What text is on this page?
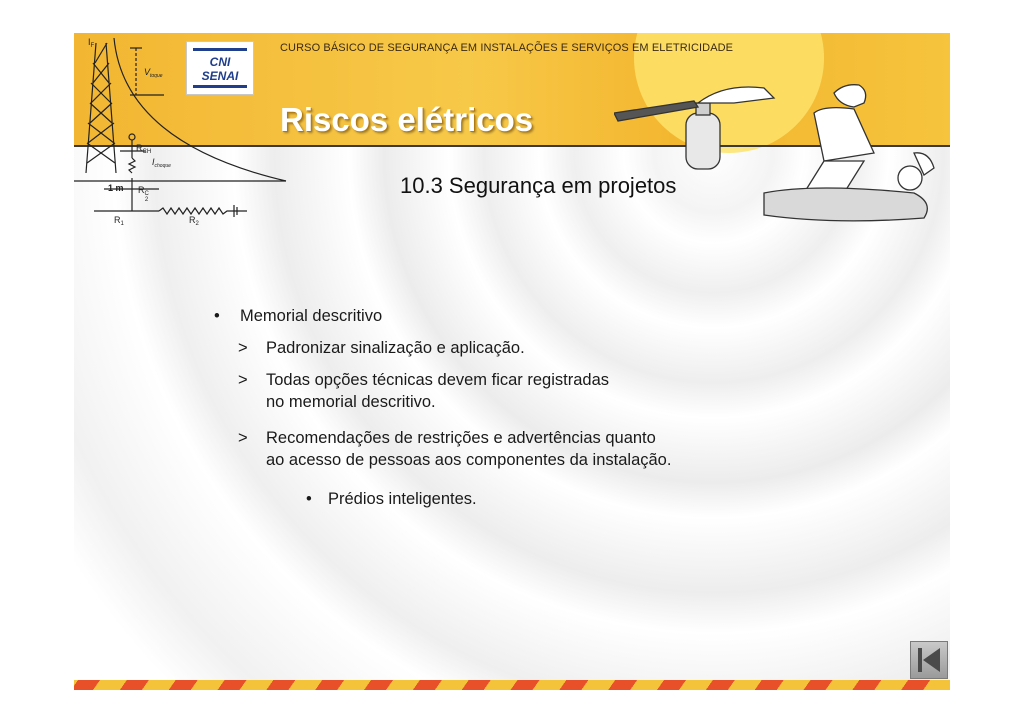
$I_F$
$V_{toque}$
$R_{CH}$
$I_{choque}$
1 m $R_C$ 2
$R_1$	$R_2$
CNI
SENAI
CURSO BÁSICO DE SEGURANÇA EM INSTALAÇÕES E SERVIÇOS EM ELETRICIDADE
Riscos elétricos
10.3 Segurança em projetos
• Memorial descritivo
> Padronizar sinalização e aplicação.
> Todas opções técnicas devem ficar registradas
no memorial descritivo.
> Recomendações de restrições e advertências quanto
ao acesso de pessoas aos componentes da instalação.
• Prédios inteligentes.
